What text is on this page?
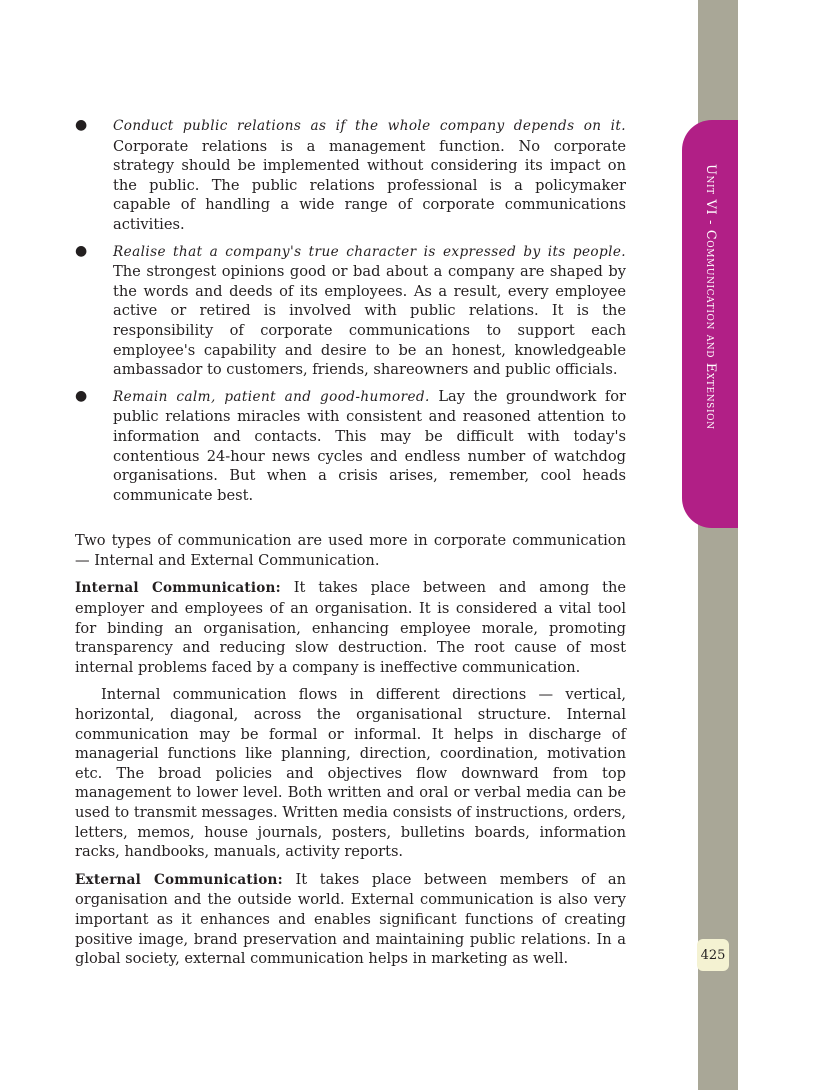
Unit VI - Communication and Extension
425
● Conduct public relations as if the whole company depends on it. Corporate relations is a management function. No corporate strategy should be implemented without considering its impact on the public. The public relations professional is a policymaker capable of handling a wide range of corporate communications activities.
● Realise that a company's true character is expressed by its people. The strongest opinions good or bad about a company are shaped by the words and deeds of its employees. As a result, every employee active or retired is involved with public relations. It is the responsibility of corporate communications to support each employee's capability and desire to be an honest, knowledgeable ambassador to customers, friends, shareowners and public officials.
● Remain calm, patient and good-humored. Lay the groundwork for public relations miracles with consistent and reasoned attention to information and contacts. This may be difficult with today's contentious 24-hour news cycles and endless number of watchdog organisations. But when a crisis arises, remember, cool heads communicate best.

Two types of communication are used more in corporate communication — Internal and External Communication.

Internal Communication: It takes place between and among the employer and employees of an organisation. It is considered a vital tool for binding an organisation, enhancing employee morale, promoting transparency and reducing slow destruction. The root cause of most internal problems faced by a company is ineffective communication.

Internal communication flows in different directions — vertical, horizontal, diagonal, across the organisational structure. Internal communication may be formal or informal. It helps in discharge of managerial functions like planning, direction, coordination, motivation etc. The broad policies and objectives flow downward from top management to lower level. Both written and oral or verbal media can be used to transmit messages. Written media consists of instructions, orders, letters, memos, house journals, posters, bulletins boards, information racks, handbooks, manuals, activity reports.

External Communication: It takes place between members of an organisation and the outside world. External communication is also very important as it enhances and enables significant functions of creating positive image, brand preservation and maintaining public relations. In a global society, external communication helps in marketing as well.
